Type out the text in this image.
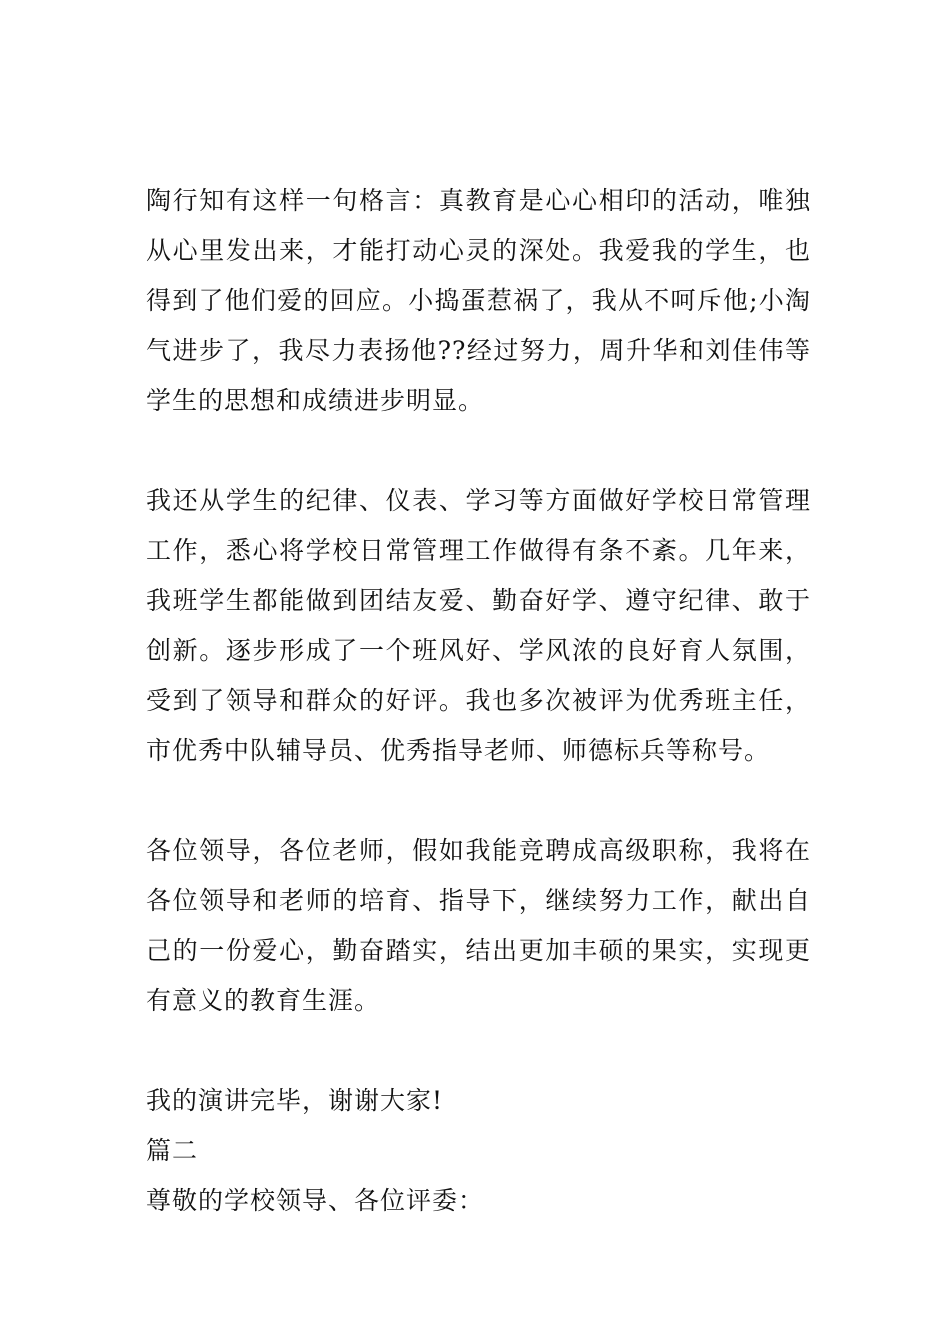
陶行知有这样一句格言：真教育是心心相印的活动，唯独从心里发出来，才能打动心灵的深处。我爱我的学生，也得到了他们爱的回应。小捣蛋惹祸了，我从不呵斥他;小淘气进步了，我尽力表扬他??经过努力，周升华和刘佳伟等学生的思想和成绩进步明显。

我还从学生的纪律、仪表、学习等方面做好学校日常管理工作，悉心将学校日常管理工作做得有条不紊。几年来，我班学生都能做到团结友爱、勤奋好学、遵守纪律、敢于创新。逐步形成了一个班风好、学风浓的良好育人氛围，受到了领导和群众的好评。我也多次被评为优秀班主任，市优秀中队辅导员、优秀指导老师、师德标兵等称号。

各位领导，各位老师，假如我能竞聘成高级职称，我将在各位领导和老师的培育、指导下，继续努力工作，献出自己的一份爱心，勤奋踏实，结出更加丰硕的果实，实现更有意义的教育生涯。

我的演讲完毕，谢谢大家!

篇二

尊敬的学校领导、各位评委：
